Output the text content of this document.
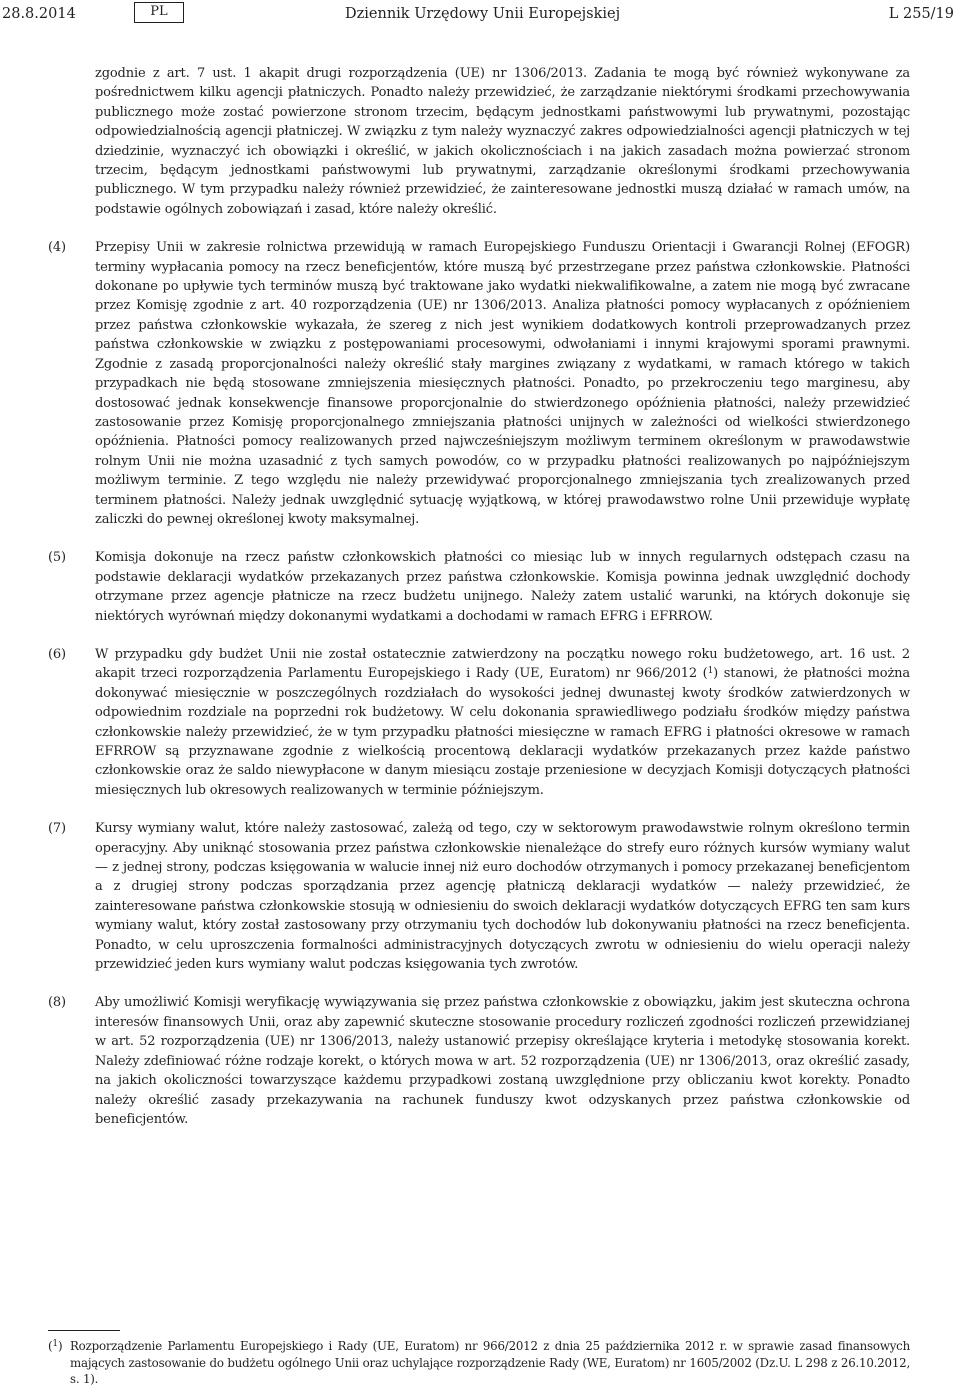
28.8.2014	PL	Dziennik Urzędowy Unii Europejskiej	L 255/19
zgodnie z art. 7 ust. 1 akapit drugi rozporządzenia (UE) nr 1306/2013. Zadania te mogą być również wykonywane za pośrednictwem kilku agencji płatniczych. Ponadto należy przewidzieć, że zarządzanie niektórymi środkami przechowywania publicznego może zostać powierzone stronom trzecim, będącym jednostkami państwowymi lub prywatnymi, pozostając odpowiedzialnością agencji płatniczej. W związku z tym należy wyznaczyć zakres odpowiedzialności agencji płatniczych w tej dziedzinie, wyznaczyć ich obowiązki i określić, w jakich okolicznościach i na jakich zasadach można powierzać stronom trzecim, będącym jednostkami państwowymi lub prywatnymi, zarządzanie określonymi środkami przechowywania publicznego. W tym przypadku należy również przewidzieć, że zainteresowane jednostki muszą działać w ramach umów, na podstawie ogólnych zobowiązań i zasad, które należy określić.
(4)	Przepisy Unii w zakresie rolnictwa przewidują w ramach Europejskiego Funduszu Orientacji i Gwarancji Rolnej (EFOGR) terminy wypłacania pomocy na rzecz beneficjentów, które muszą być przestrzegane przez państwa członkowskie. Płatności dokonane po upływie tych terminów muszą być traktowane jako wydatki niekwalifikowalne, a zatem nie mogą być zwracane przez Komisję zgodnie z art. 40 rozporządzenia (UE) nr 1306/2013. Analiza płatności pomocy wypłacanych z opóźnieniem przez państwa członkowskie wykazała, że szereg z nich jest wynikiem dodatkowych kontroli przeprowadzanych przez państwa członkowskie w związku z postępowaniami procesowymi, odwołaniami i innymi krajowymi sporami prawnymi. Zgodnie z zasadą proporcjonalności należy określić stały margines związany z wydatkami, w ramach którego w takich przypadkach nie będą stosowane zmniejszenia miesięcznych płatności. Ponadto, po przekroczeniu tego marginesu, aby dostosować jednak konsekwencje finansowe proporcjonalnie do stwierdzonego opóźnienia płatności, należy przewidzieć zastosowanie przez Komisję proporcjonalnego zmniejszania płatności unijnych w zależności od wielkości stwierdzonego opóźnienia. Płatności pomocy realizowanych przed najwcześniejszym możliwym terminem określonym w prawodawstwie rolnym Unii nie można uzasadnić z tych samych powodów, co w przypadku płatności realizowanych po najpóźniejszym możliwym terminie. Z tego względu nie należy przewidywać proporcjonalnego zmniejszania tych zrealizowanych przed terminem płatności. Należy jednak uwzględnić sytuację wyjątkową, w której prawodawstwo rolne Unii przewiduje wypłatę zaliczki do pewnej określonej kwoty maksymalnej.
(5)	Komisja dokonuje na rzecz państw członkowskich płatności co miesiąc lub w innych regularnych odstępach czasu na podstawie deklaracji wydatków przekazanych przez państwa członkowskie. Komisja powinna jednak uwzględnić dochody otrzymane przez agencje płatnicze na rzecz budżetu unijnego. Należy zatem ustalić warunki, na których dokonuje się niektórych wyrównań między dokonanymi wydatkami a dochodami w ramach EFRG i EFRROW.
(6)	W przypadku gdy budżet Unii nie został ostatecznie zatwierdzony na początku nowego roku budżetowego, art. 16 ust. 2 akapit trzeci rozporządzenia Parlamentu Europejskiego i Rady (UE, Euratom) nr 966/2012 ($^1$) stanowi, że płatności można dokonywać miesięcznie w poszczególnych rozdziałach do wysokości jednej dwunastej kwoty środków zatwierdzonych w odpowiednim rozdziale na poprzedni rok budżetowy. W celu dokonania sprawiedliwego podziału środków między państwa członkowskie należy przewidzieć, że w tym przypadku płatności miesięczne w ramach EFRG i płatności okresowe w ramach EFRROW są przyznawane zgodnie z wielkością procentową deklaracji wydatków przekazanych przez każde państwo członkowskie oraz że saldo niewypłacone w danym miesiącu zostaje przeniesione w decyzjach Komisji dotyczących płatności miesięcznych lub okresowych realizowanych w terminie późniejszym.
(7)	Kursy wymiany walut, które należy zastosować, zależą od tego, czy w sektorowym prawodawstwie rolnym określono termin operacyjny. Aby uniknąć stosowania przez państwa członkowskie nienależące do strefy euro różnych kursów wymiany walut — z jednej strony, podczas księgowania w walucie innej niż euro dochodów otrzymanych i pomocy przekazanej beneficjentom a z drugiej strony podczas sporządzania przez agencję płatniczą deklaracji wydatków — należy przewidzieć, że zainteresowane państwa członkowskie stosują w odniesieniu do swoich deklaracji wydatków dotyczących EFRG ten sam kurs wymiany walut, który został zastosowany przy otrzymaniu tych dochodów lub dokonywaniu płatności na rzecz beneficjenta. Ponadto, w celu uproszczenia formalności administracyjnych dotyczących zwrotu w odniesieniu do wielu operacji należy przewidzieć jeden kurs wymiany walut podczas księgowania tych zwrotów.
(8)	Aby umożliwić Komisji weryfikację wywiązywania się przez państwa członkowskie z obowiązku, jakim jest skuteczna ochrona interesów finansowych Unii, oraz aby zapewnić skuteczne stosowanie procedury rozliczeń zgodności rozliczeń przewidzianej w art. 52 rozporządzenia (UE) nr 1306/2013, należy ustanowić przepisy określające kryteria i metodykę stosowania korekt. Należy zdefiniować różne rodzaje korekt, o których mowa w art. 52 rozporządzenia (UE) nr 1306/2013, oraz określić zasady, na jakich okoliczności towarzyszące każdemu przypadkowi zostaną uwzględnione przy obliczaniu kwot korekty. Ponadto należy określić zasady przekazywania na rachunek funduszy kwot odzyskanych przez państwa członkowskie od beneficjentów.
($^1$) Rozporządzenie Parlamentu Europejskiego i Rady (UE, Euratom) nr 966/2012 z dnia 25 października 2012 r. w sprawie zasad finansowych mających zastosowanie do budżetu ogólnego Unii oraz uchylające rozporządzenie Rady (WE, Euratom) nr 1605/2002 (Dz.U. L 298 z 26.10.2012, s. 1).
